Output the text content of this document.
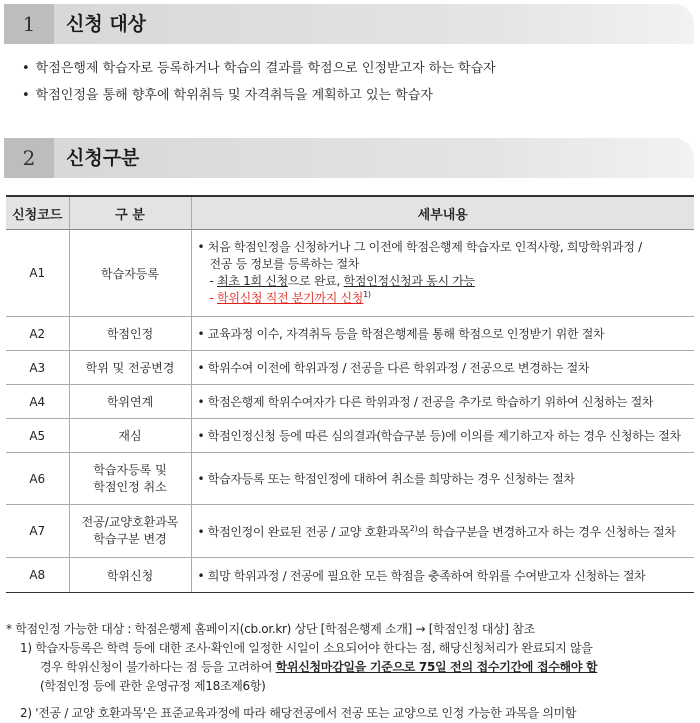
1	신청 대상
• 학점은행제 학습자로 등록하거나 학습의 결과를 학점으로 인정받고자 하는 학습자
• 학점인정을 통해 향후에 학위취득 및 자격취득을 계획하고 있는 학습자
2	신청구분
신청코드	구 분	세부내용
A1	학습자등록	• 처음 학점인정을 신청하거나 그 이전에 학점은행제 학습자로 인적사항, 희망학위과정 /
전공 등 정보를 등록하는 절차
- 최초 1회 신청으로 완료, 학점인정신청과 동시 가능
- 학위신청 직전 분기까지 신청$^{1)}$

A2	학점인정	• 교육과정 이수, 자격취득 등을 학점은행제를 통해 학점으로 인정받기 위한 절차
A3	학위 및 전공변경	• 학위수여 이전에 학위과정 / 전공을 다른 학위과정 / 전공으로 변경하는 절차
A4	학위연계	• 학점은행제 학위수여자가 다른 학위과정 / 전공을 추가로 학습하기 위하여 신청하는 절차
A5	재심	• 학점인정신청 등에 따른 심의결과(학습구분 등)에 이의를 제기하고자 하는 경우 신청하는 절차
A6	학습자등록 및
학점인정 취소	• 학습자등록 또는 학점인정에 대하여 취소를 희망하는 경우 신청하는 절차
A7	전공/교양호환과목
학습구분 변경	• 학점인정이 완료된 전공 / 교양 호환과목$^{2)}$의 학습구분을 변경하고자 하는 경우 신청하는 절차
A8	학위신청	• 희망 학위과정 / 전공에 필요한 모든 학점을 충족하여 학위를 수여받고자 신청하는 절차
* 학점인정 가능한 대상 : 학점은행제 홈페이지(cb.or.kr) 상단 [학점은행제 소개] → [학점인정 대상] 참조
1) 학습자등록은 학력 등에 대한 조사·확인에 일정한 시일이 소요되어야 한다는 점, 해당신청처리가 완료되지 않을
경우 학위신청이 불가하다는 점 등을 고려하여 학위신청마감일을 기준으로 75일 전의 접수기간에 접수해야 함
(학점인정 등에 관한 운영규정 제18조제6항)
2) '전공 / 교양 호환과목'은 표준교육과정에 따라 해당전공에서 전공 또는 교양으로 인정 가능한 과목을 의미함
